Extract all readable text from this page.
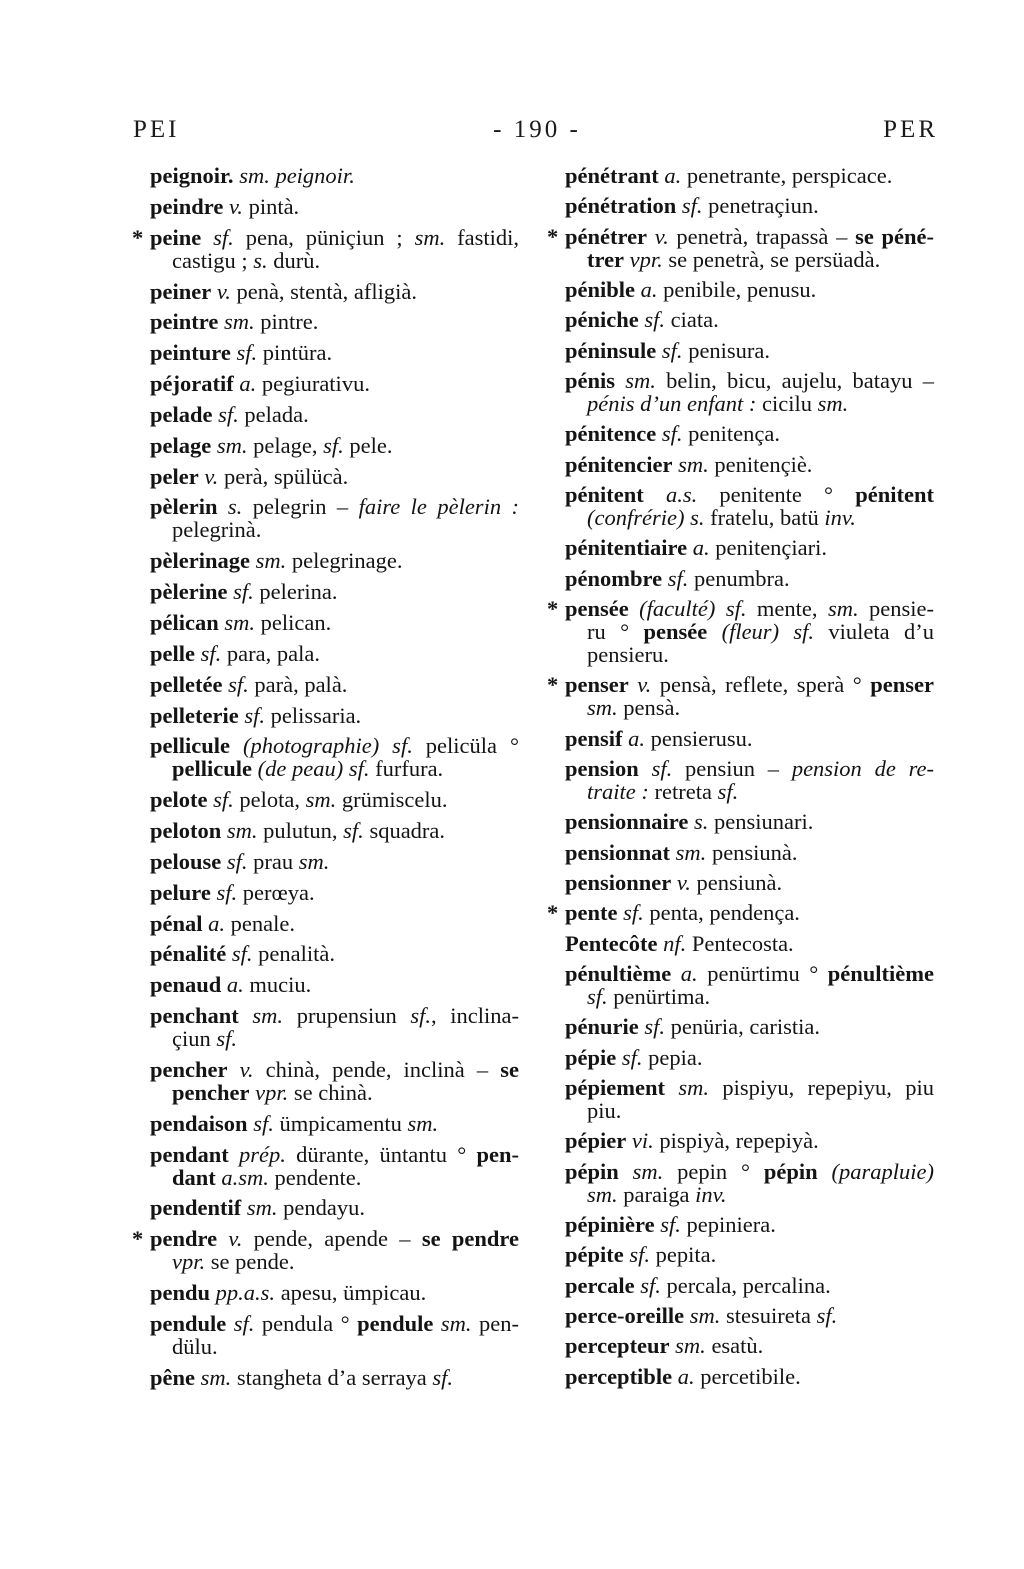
PEI	- 190 -	PER
peignoir. sm. peignoir.
peindre v. pintà.
* peine sf. pena, püniçiun ; sm. fastidi,
castigu ; s. durù.
peiner v. penà, stentà, afligià.
peintre sm. pintre.
peinture sf. pintüra.
péjoratif a. pegiurativu.
pelade sf. pelada.
pelage sm. pelage, sf. pele.
peler v. perà, spülücà.
pèlerin s. pelegrin – faire le pèlerin :
pelegrinà.
pèlerinage sm. pelegrinage.
pèlerine sf. pelerina.
pélican sm. pelican.
pelle sf. para, pala.
pelletée sf. parà, palà.
pelleterie sf. pelissaria.
pellicule (photographie) sf. pelicüla °
pellicule (de peau) sf. furfura.
pelote sf. pelota, sm. grümiscelu.
peloton sm. pulutun, sf. squadra.
pelouse sf. prau sm.
pelure sf. perœya.
pénal a. penale.
pénalité sf. penalità.
penaud a. muciu.
penchant sm. prupensiun sf., inclina-
çiun sf.
pencher v. chinà, pende, inclinà – se
pencher vpr. se chinà.
pendaison sf. ümpicamentu sm.
pendant prép. dürante, üntantu ° pen-
dant a.sm. pendente.
pendentif sm. pendayu.
* pendre v. pende, apende – se pendre
vpr. se pende.
pendu pp.a.s. apesu, ümpicau.
pendule sf. pendula ° pendule sm. pen-
dülu.
pêne sm. stangheta d’a serraya sf.
pénétrant a. penetrante, perspicace.
pénétration sf. penetraçiun.
* pénétrer v. penetrà, trapassà – se péné-
trer vpr. se penetrà, se persüadà.
pénible a. penibile, penusu.
péniche sf. ciata.
péninsule sf. penisura.
pénis sm. belin, bicu, aujelu, batayu –
pénis d’un enfant : cicilu sm.
pénitence sf. penitença.
pénitencier sm. penitençiè.
pénitent a.s. penitente ° pénitent
(confrérie) s. fratelu, batü inv.
pénitentiaire a. penitençiari.
pénombre sf. penumbra.
* pensée (faculté) sf. mente, sm. pensie-
ru ° pensée (fleur) sf. viuleta d’u
pensieru.
* penser v. pensà, reflete, sperà ° penser
sm. pensà.
pensif a. pensierusu.
pension sf. pensiun – pension de re-
traite : retreta sf.
pensionnaire s. pensiunari.
pensionnat sm. pensiunà.
pensionner v. pensiunà.
* pente sf. penta, pendença.
Pentecôte nf. Pentecosta.
pénultième a. penürtimu ° pénultième
sf. penürtima.
pénurie sf. penüria, caristia.
pépie sf. pepia.
pépiement sm. pispiyu, repepiyu, piu
piu.
pépier vi. pispiyà, repepiyà.
pépin sm. pepin ° pépin (parapluie)
sm. paraiga inv.
pépinière sf. pepiniera.
pépite sf. pepita.
percale sf. percala, percalina.
perce-oreille sm. stesuireta sf.
percepteur sm. esatù.
perceptible a. percetibile.
